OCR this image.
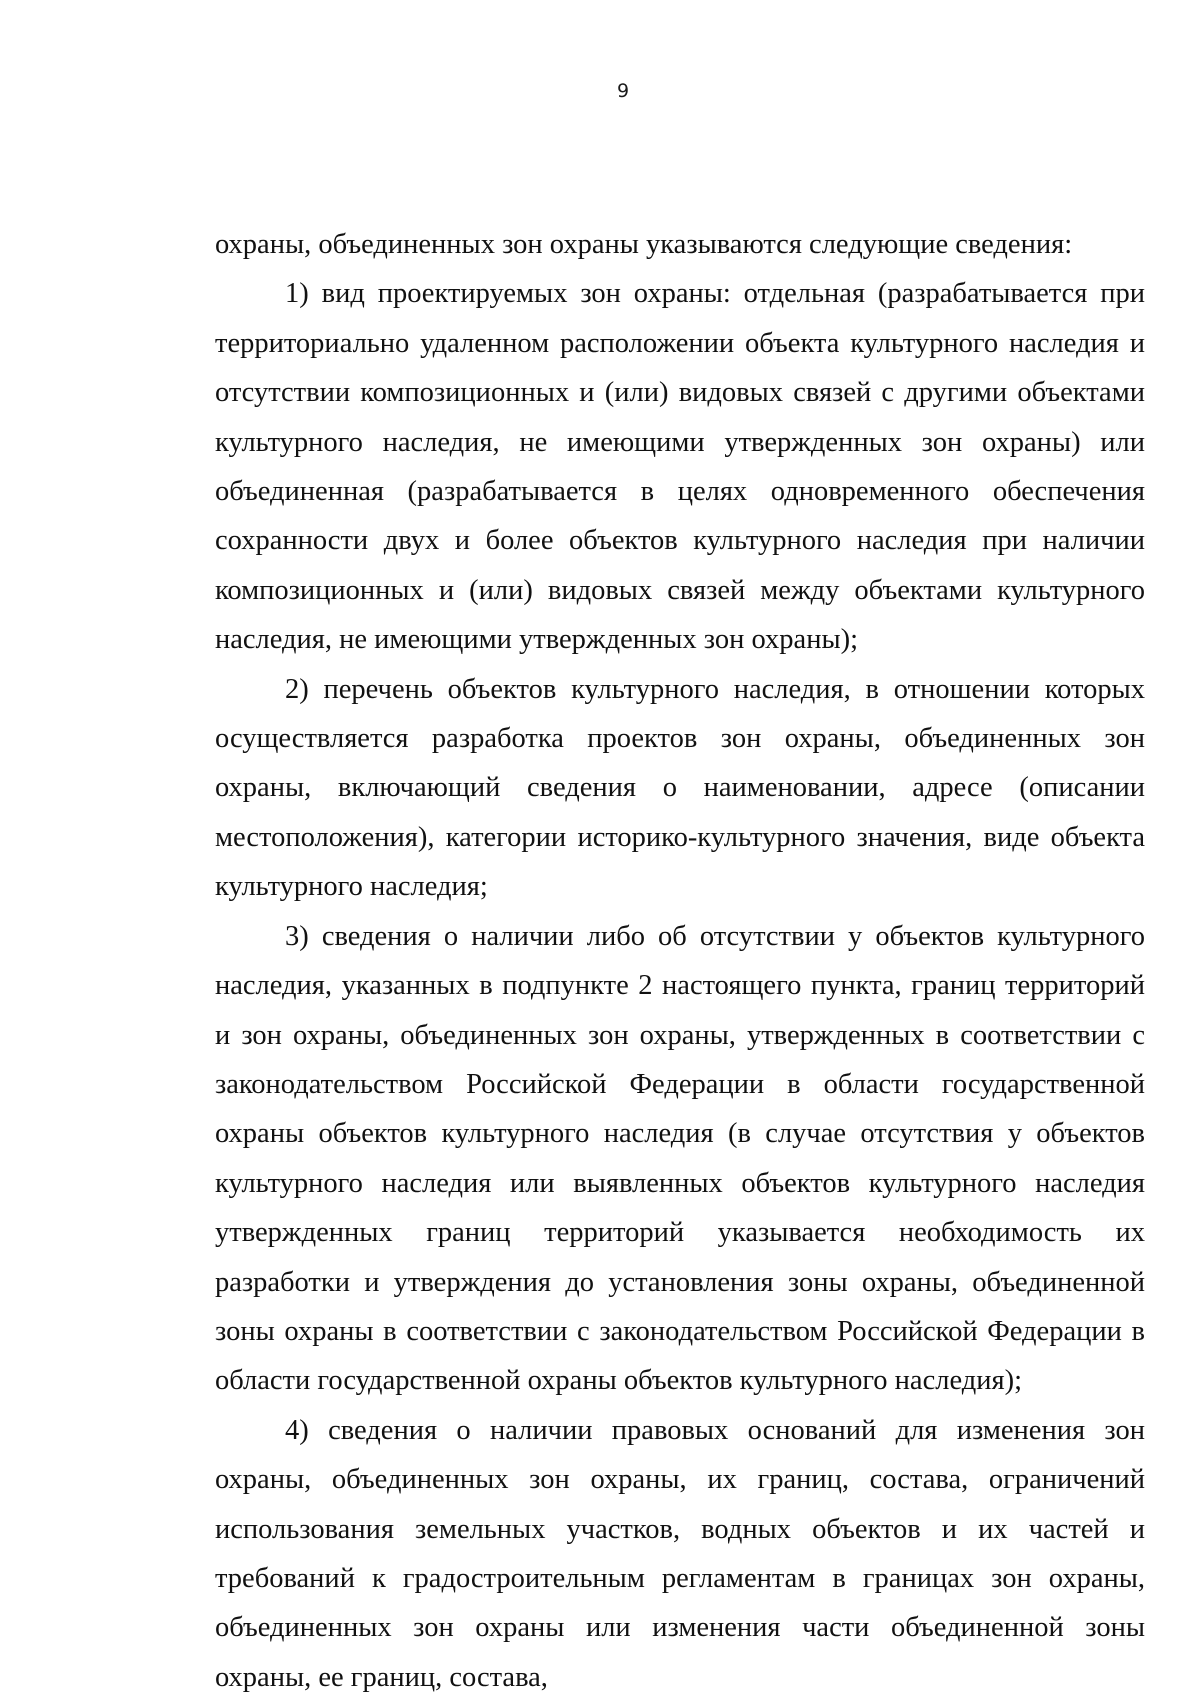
9

охраны, объединенных зон охраны указываются следующие сведения:

1) вид проектируемых зон охраны: отдельная (разрабатывается при территориально удаленном расположении объекта культурного наследия и отсутствии композиционных и (или) видовых связей с другими объектами культурного наследия, не имеющими утвержденных зон охраны) или объединенная (разрабатывается в целях одновременного обеспечения сохранности двух и более объектов культурного наследия при наличии композиционных и (или) видовых связей между объектами культурного наследия, не имеющими утвержденных зон охраны);

2) перечень объектов культурного наследия, в отношении которых осуществляется разработка проектов зон охраны, объединенных зон охраны, включающий сведения о наименовании, адресе (описании местоположения), категории историко-культурного значения, виде объекта культурного наследия;

3) сведения о наличии либо об отсутствии у объектов культурного наследия, указанных в подпункте 2 настоящего пункта, границ территорий и зон охраны, объединенных зон охраны, утвержденных в соответствии с законодательством Российской Федерации в области государственной охраны объектов культурного наследия (в случае отсутствия у объектов культурного наследия или выявленных объектов культурного наследия утвержденных границ территорий указывается необходимость их разработки и утверждения до установления зоны охраны, объединенной зоны охраны в соответствии с законодательством Российской Федерации в области государственной охраны объектов культурного наследия);

4) сведения о наличии правовых оснований для изменения зон охраны, объединенных зон охраны, их границ, состава, ограничений использования земельных участков, водных объектов и их частей и требований к градостроительным регламентам в границах зон охраны, объединенных зон охраны или изменения части объединенной зоны охраны, ее границ, состава,
